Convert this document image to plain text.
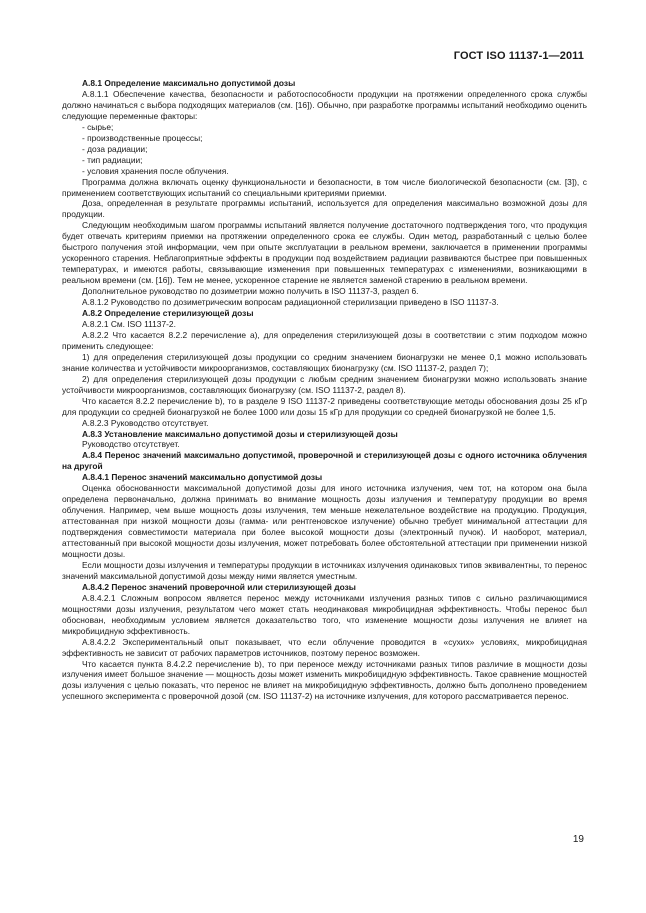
ГОСТ ISO 11137-1—2011

A.8.1 Определение максимально допустимой дозы

A.8.1.1 Обеспечение качества, безопасности и работоспособности продукции на протяжении определенного срока службы должно начинаться с выбора подходящих материалов (см. [16]). Обычно, при разработке программы испытаний необходимо оценить следующие переменные факторы:

- сырье;

- производственные процессы;

- доза радиации;

- тип радиации;

- условия хранения после облучения.

Программа должна включать оценку функциональности и безопасности, в том числе биологической безопасности (см. [3]), с применением соответствующих испытаний со специальными критериями приемки.

Доза, определенная в результате программы испытаний, используется для определения максимально возможной дозы для продукции.

Следующим необходимым шагом программы испытаний является получение достаточного подтверждения того, что продукция будет отвечать критериям приемки на протяжении определенного срока ее службы. Один метод, разработанный с целью более быстрого получения этой информации, чем при опыте эксплуатации в реальном времени, заключается в применении программы ускоренного старения. Неблагоприятные эффекты в продукции под воздействием радиации развиваются быстрее при повышенных температурах, и имеются работы, связывающие изменения при повышенных температурах с изменениями, возникающими в реальном времени (см. [16]). Тем не менее, ускоренное старение не является заменой старению в реальном времени.

Дополнительное руководство по дозиметрии можно получить в ISO 11137-3, раздел 6.

A.8.1.2 Руководство по дозиметрическим вопросам радиационной стерилизации приведено в ISO 11137-3.

A.8.2 Определение стерилизующей дозы

A.8.2.1 См. ISO 11137-2.

A.8.2.2 Что касается 8.2.2 перечисление а), для определения стерилизующей дозы в соответствии с этим подходом можно применить следующее:

1) для определения стерилизующей дозы продукции со средним значением бионагрузки не менее 0,1 можно использовать знание количества и устойчивости микроорганизмов, составляющих бионагрузку (см. ISO 11137-2, раздел 7);

2) для определения стерилизующей дозы продукции с любым средним значением бионагрузки можно использовать знание устойчивости микроорганизмов, составляющих бионагрузку (см. ISO 11137-2, раздел 8).

Что касается 8.2.2 перечисление b), то в разделе 9 ISO 11137-2 приведены соответствующие методы обоснования дозы 25 кГр для продукции со средней бионагрузкой не более 1000 или дозы 15 кГр для продукции со средней бионагрузкой не более 1,5.

A.8.2.3 Руководство отсутствует.

A.8.3 Установление максимально допустимой дозы и стерилизующей дозы

Руководство отсутствует.

A.8.4 Перенос значений максимально допустимой, проверочной и стерилизующей дозы с одного источника облучения на другой

A.8.4.1 Перенос значений максимально допустимой дозы

Оценка обоснованности максимальной допустимой дозы для иного источника излучения, чем тот, на котором она была определена первоначально, должна принимать во внимание мощность дозы излучения и температуру продукции во время облучения. Например, чем выше мощность дозы излучения, тем меньше нежелательное воздействие на продукцию. Продукция, аттестованная при низкой мощности дозы (гамма- или рентгеновское излучение) обычно требует минимальной аттестации для подтверждения совместимости материала при более высокой мощности дозы (электронный пучок). И наоборот, материал, аттестованный при высокой мощности дозы излучения, может потребовать более обстоятельной аттестации при применении низкой мощности дозы.

Если мощности дозы излучения и температуры продукции в источниках излучения одинаковых типов эквивалентны, то перенос значений максимальной допустимой дозы между ними является уместным.

A.8.4.2 Перенос значений проверочной или стерилизующей дозы

A.8.4.2.1 Сложным вопросом является перенос между источниками излучения разных типов с сильно различающимися мощностями дозы излучения, результатом чего может стать неодинаковая микробицидная эффективность. Чтобы перенос был обоснован, необходимым условием является доказательство того, что изменение мощности дозы излучения не влияет на микробицидную эффективность.

A.8.4.2.2 Экспериментальный опыт показывает, что если облучение проводится в «сухих» условиях, микробицидная эффективность не зависит от рабочих параметров источников, поэтому перенос возможен.

Что касается пункта 8.4.2.2 перечисление b), то при переносе между источниками разных типов различие в мощности дозы излучения имеет большое значение — мощность дозы может изменить микробицидную эффективность. Такое сравнение мощностей дозы излучения с целью показать, что перенос не влияет на микробицидную эффективность, должно быть дополнено проведением успешного эксперимента с проверочной дозой (см. ISO 11137-2) на источнике излучения, для которого рассматривается перенос.

19
